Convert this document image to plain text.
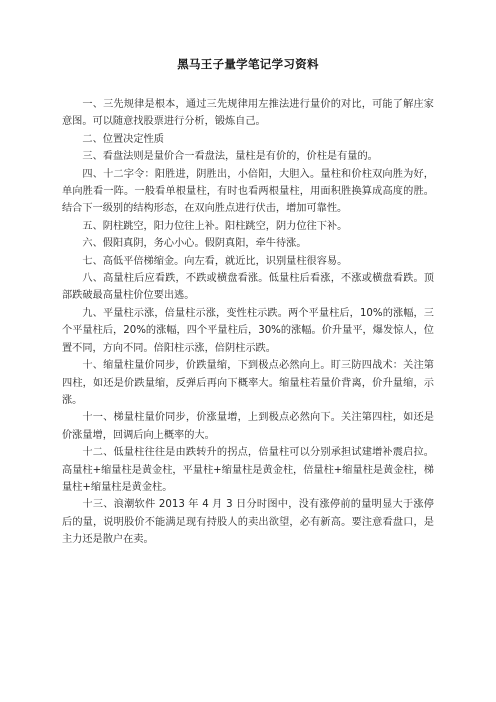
黑马王子量学笔记学习资料

一、三先规律是根本，通过三先规律用左推法进行量价的对比，可能了解庄家意图。可以随意找股票进行分析，锻炼自己。

二、位置决定性质

三、看盘法则是量价合一看盘法，量柱是有价的，价柱是有量的。

四、十二字令：阳胜进，阴胜出，小倍阳，大胆入。量柱和价柱双向胜为好，单向胜看一阵。一般看单根量柱，有时也看两根量柱，用面积胜换算成高度的胜。结合下一级别的结构形态，在双向胜点进行伏击，增加可靠性。

五、阴柱跳空，阳力位往上补。阳柱跳空，阴力位往下补。

六、假阳真阴，务心小心。假阴真阳，牵牛待涨。

七、高低平倍梯缩金。向左看，就近比，识别量柱很容易。

八、高量柱后应看跌，不跌或横盘看涨。低量柱后看涨，不涨或横盘看跌。顶部跌破最高量柱价位要出逃。

九、平量柱示涨，倍量柱示涨，变性柱示跌。两个平量柱后，10%的涨幅，三个平量柱后，20%的涨幅，四个平量柱后，30%的涨幅。价升量平，爆发惊人，位置不同，方向不同。倍阳柱示涨，倍阴柱示跌。

十、缩量柱量价同步，价跌量缩，下到极点必然向上。盯三防四战术：关注第四柱，如还是价跌量缩，反弹后再向下概率大。缩量柱若量价背离，价升量缩，示涨。

十一、梯量柱量价同步，价涨量增，上到极点必然向下。关注第四柱，如还是价涨量增，回调后向上概率的大。

十二、低量柱往往是由跌转升的拐点，倍量柱可以分别承担试建增补震启拉。高量柱+缩量柱是黄金柱，平量柱+缩量柱是黄金柱，倍量柱+缩量柱是黄金柱，梯量柱+缩量柱是黄金柱。

十三、浪潮软件 2013 年 4 月 3 日分时图中，没有涨停前的量明显大于涨停后的量，说明股价不能满足现有持股人的卖出欲望，必有新高。要注意看盘口，是主力还是散户在卖。
